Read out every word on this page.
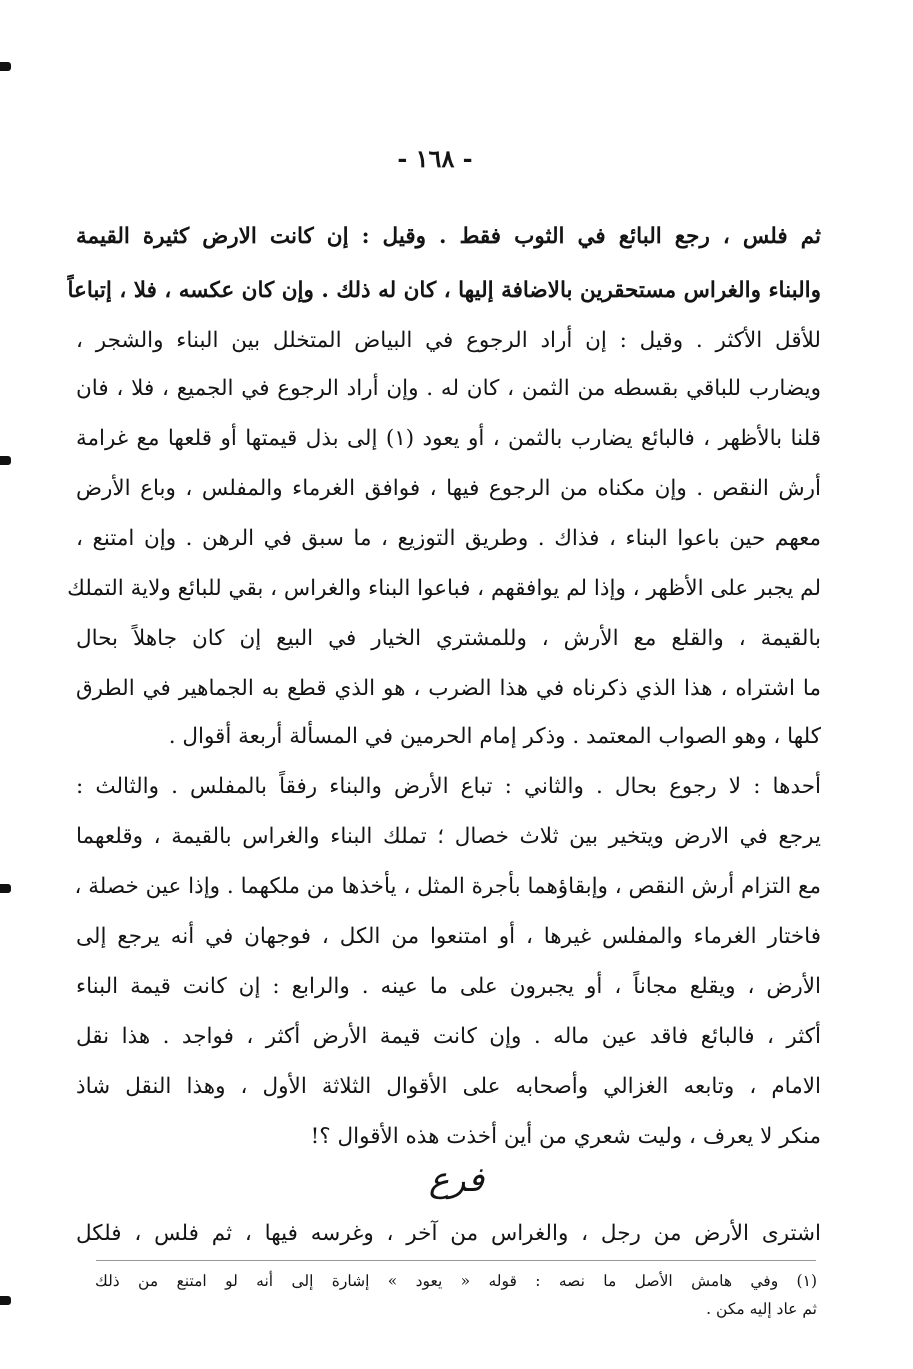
- ١٦٨ -
ثم فلس ، رجع البائع في الثوب فقط . وقيل : إن كانت الارض كثيرة القيمة
والبناء والغراس مستحقرين بالاضافة إليها ، كان له ذلك . وإن كان عكسه ، فلا ، إتباعاً
للأقل الأكثر . وقيل : إن أراد الرجوع في البياض المتخلل بين البناء والشجر ،
ويضارب للباقي بقسطه من الثمن ، كان له . وإن أراد الرجوع في الجميع ، فلا ، فان
قلنا بالأظهر ، فالبائع يضارب بالثمن ، أو يعود (١) إلى بذل قيمتها أو قلعها مع غرامة
أرش النقص . وإن مكناه من الرجوع فيها ، فوافق الغرماء والمفلس ، وباع الأرض
معهم حين باعوا البناء ، فذاك . وطريق التوزيع ، ما سبق في الرهن . وإن امتنع ،
لم يجبر على الأظهر ، وإذا لم يوافقهم ، فباعوا البناء والغراس ، بقي للبائع ولاية التملك
بالقيمة ، والقلع مع الأرش ، وللمشتري الخيار في البيع إن كان جاهلاً بحال
ما اشتراه ، هذا الذي ذكرناه في هذا الضرب ، هو الذي قطع به الجماهير في الطرق
كلها ، وهو الصواب المعتمد . وذكر إمام الحرمين في المسألة أربعة أقوال .
أحدها : لا رجوع بحال . والثاني : تباع الأرض والبناء رفقاً بالمفلس . والثالث :
يرجع في الارض ويتخير بين ثلاث خصال ؛ تملك البناء والغراس بالقيمة ، وقلعهما
مع التزام أرش النقص ، وإبقاؤهما بأجرة المثل ، يأخذها من ملكهما . وإذا عين خصلة ،
فاختار الغرماء والمفلس غيرها ، أو امتنعوا من الكل ، فوجهان في أنه يرجع إلى
الأرض ، ويقلع مجاناً ، أو يجبرون على ما عينه . والرابع : إن كانت قيمة البناء
أكثر ، فالبائع فاقد عين ماله . وإن كانت قيمة الأرض أكثر ، فواجد . هذا نقل
الامام ، وتابعه الغزالي وأصحابه على الأقوال الثلاثة الأول ، وهذا النقل شاذ
منكر لا يعرف ، وليت شعري من أين أخذت هذه الأقوال ؟!
فرع
اشترى الأرض من رجل ، والغراس من آخر ، وغرسه فيها ، ثم فلس ، فلكل
(١) وفي هامش الأصل ما نصه : قوله « يعود » إشارة إلى أنه لو امتنع من ذلك
ثم عاد إليه مكن .
